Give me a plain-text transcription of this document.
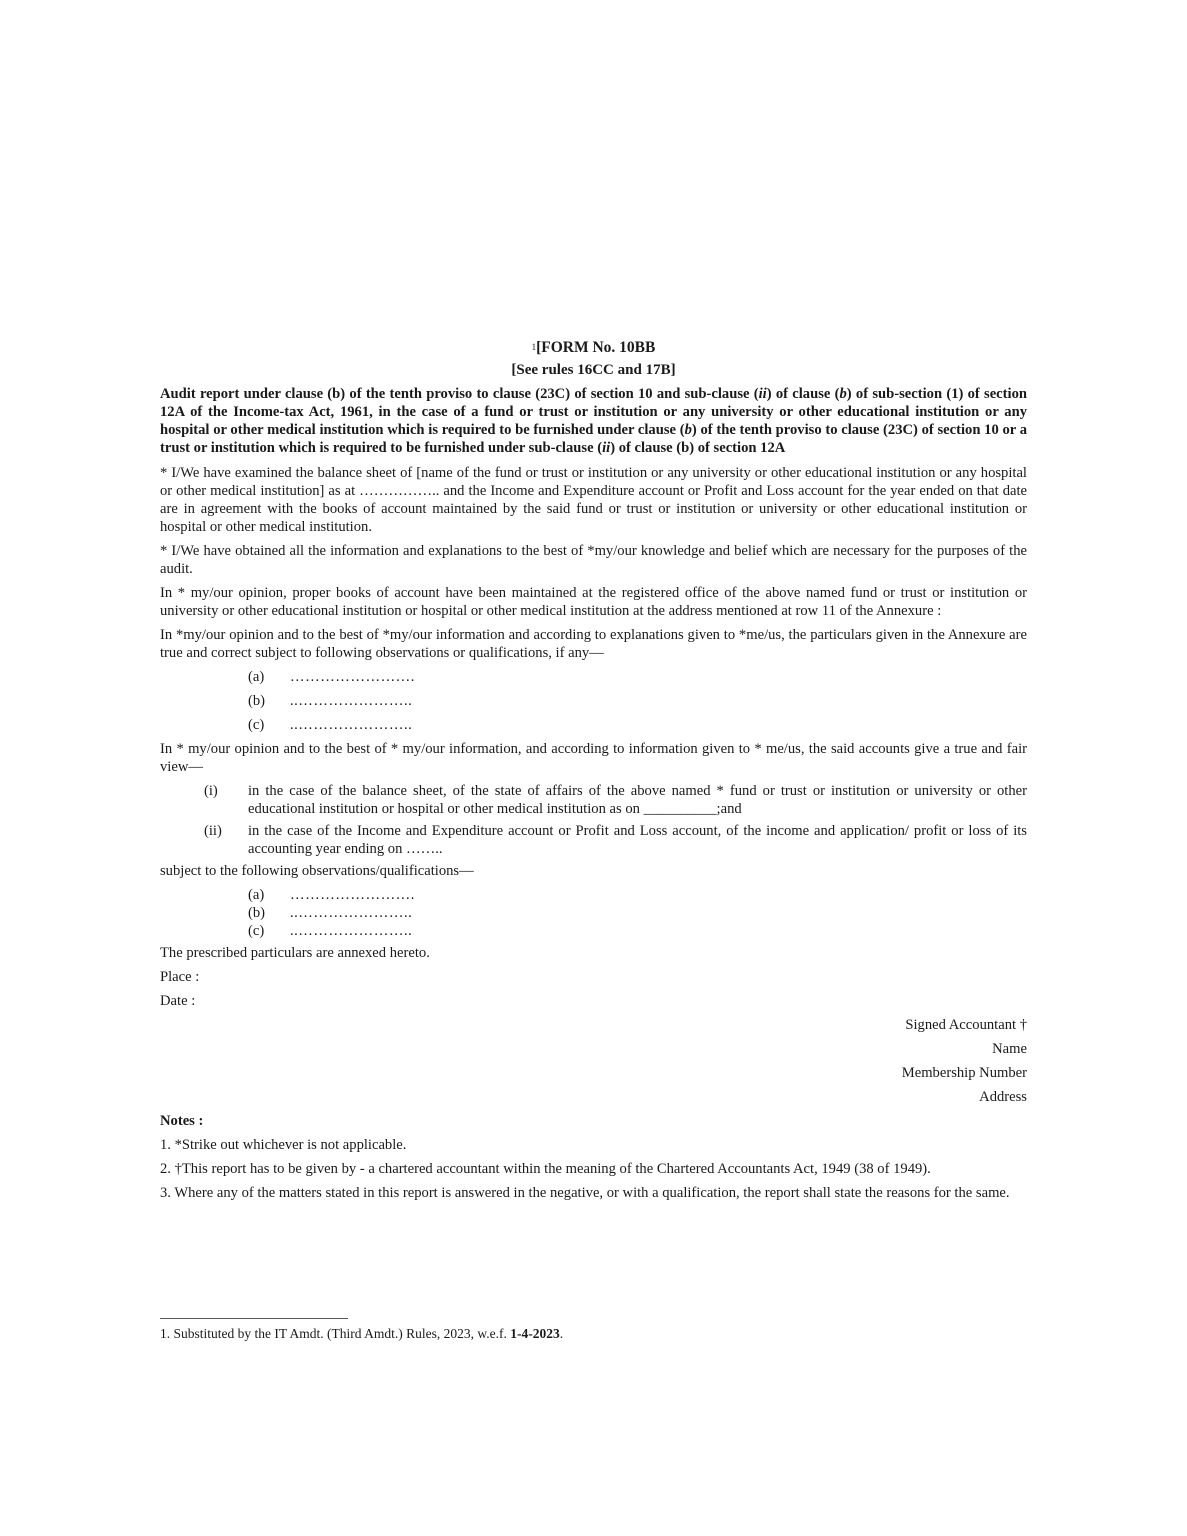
$^1$[FORM No. 10BB

[See rules 16CC and 17B]

Audit report under clause (b) of the tenth proviso to clause (23C) of section 10 and sub-clause (ii) of clause (b) of sub-section (1) of section 12A of the Income-tax Act, 1961, in the case of a fund or trust or institution or any university or other educational institution or any hospital or other medical institution which is required to be furnished under clause (b) of the tenth proviso to clause (23C) of section 10 or a trust or institution which is required to be furnished under sub-clause (ii) of clause (b) of section 12A

* I/We have examined the balance sheet of [name of the fund or trust or institution or any university or other educational institution or any hospital or other medical institution] as at …………….. and the Income and Expenditure account or Profit and Loss account for the year ended on that date are in agreement with the books of account maintained by the said fund or trust or institution or university or other educational institution or hospital or other medical institution.

* I/We have obtained all the information and explanations to the best of *my/our knowledge and belief which are necessary for the purposes of the audit.

In * my/our opinion, proper books of account have been maintained at the registered office of the above named fund or trust or institution or university or other educational institution or hospital or other medical institution at the address mentioned at row 11 of the Annexure :

In *my/our opinion and to the best of *my/our information and according to explanations given to *me/us, the particulars given in the Annexure are true and correct subject to following observations or qualifications, if any—

(a)	…………………….
(b)	..…………………..
(c)	..…………………..

In * my/our opinion and to the best of * my/our information, and according to information given to * me/us, the said accounts give a true and fair view—

(i)	in the case of the balance sheet, of the state of affairs of the above named * fund or trust or institution or university or other educational institution or hospital or other medical institution as on __________;and
(ii)	in the case of the Income and Expenditure account or Profit and Loss account, of the income and application/ profit or loss of its accounting year ending on ……..

subject to the following observations/qualifications—

(a)	…………………….
(b)	..…………………..
(c)	..…………………..

The prescribed particulars are annexed hereto.

Place :

Date :

Signed Accountant †
Name
Membership Number
Address

Notes :

1. *Strike out whichever is not applicable.

2. †This report has to be given by - a chartered accountant within the meaning of the Chartered Accountants Act, 1949 (38 of 1949).

3. Where any of the matters stated in this report is answered in the negative, or with a qualification, the report shall state the reasons for the same.

1. Substituted by the IT Amdt. (Third Amdt.) Rules, 2023, w.e.f. 1-4-2023.
